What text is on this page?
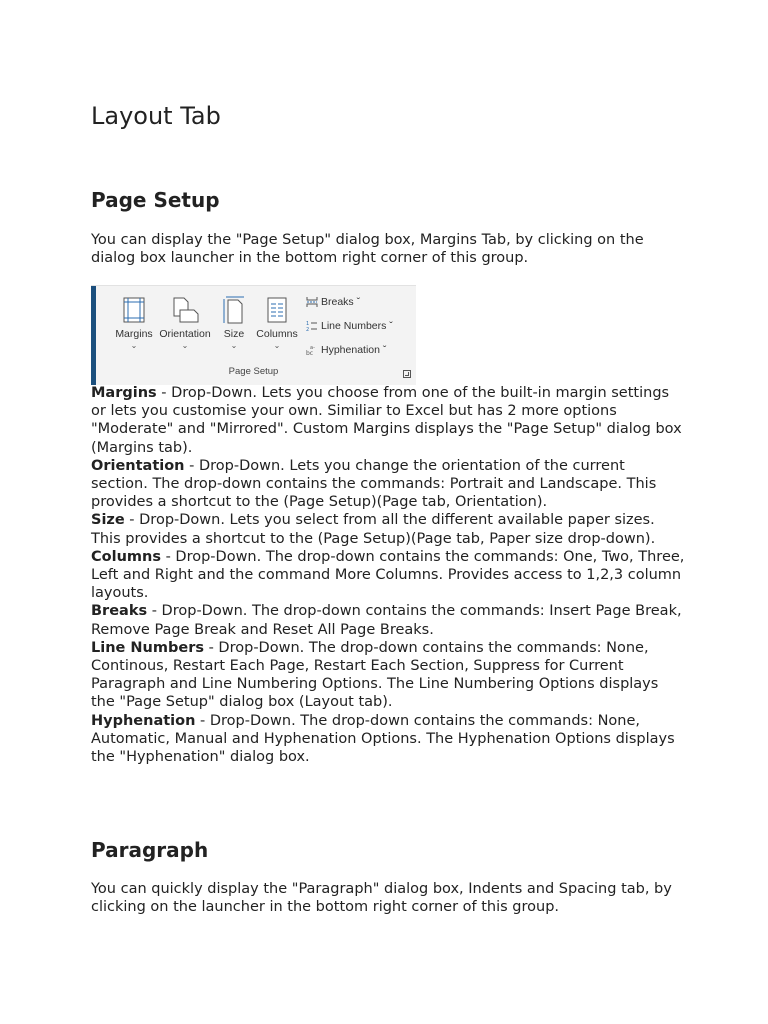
Layout Tab
Page Setup

You can display the "Page Setup" dialog box, Margins Tab, by clicking on the dialog box launcher in the bottom right corner of this group.

Margins
⌄
Orientation
⌄
Size
⌄
Columns
⌄
Breaks ˇ
1
2 Line Numbers ˇ
a-
bc Hyphenation ˇ
Page Setup

Margins - Drop-Down. Lets you choose from one of the built-in margin settings or lets you customise your own. Similiar to Excel but has 2 more options "Moderate" and "Mirrored". Custom Margins displays the "Page Setup" dialog box (Margins tab).

Orientation - Drop-Down. Lets you change the orientation of the current section. The drop-down contains the commands: Portrait and Landscape. This provides a shortcut to the (Page Setup)(Page tab, Orientation).

Size - Drop-Down. Lets you select from all the different available paper sizes. This provides a shortcut to the (Page Setup)(Page tab, Paper size drop-down).

Columns - Drop-Down. The drop-down contains the commands: One, Two, Three, Left and Right and the command More Columns. Provides access to 1,2,3 column layouts.

Breaks - Drop-Down. The drop-down contains the commands: Insert Page Break, Remove Page Break and Reset All Page Breaks.

Line Numbers - Drop-Down. The drop-down contains the commands: None, Continous, Restart Each Page, Restart Each Section, Suppress for Current Paragraph and Line Numbering Options. The Line Numbering Options displays the "Page Setup" dialog box (Layout tab).

Hyphenation - Drop-Down. The drop-down contains the commands: None, Automatic, Manual and Hyphenation Options. The Hyphenation Options displays the "Hyphenation" dialog box.

Paragraph

You can quickly display the "Paragraph" dialog box, Indents and Spacing tab, by clicking on the launcher in the bottom right corner of this group.
